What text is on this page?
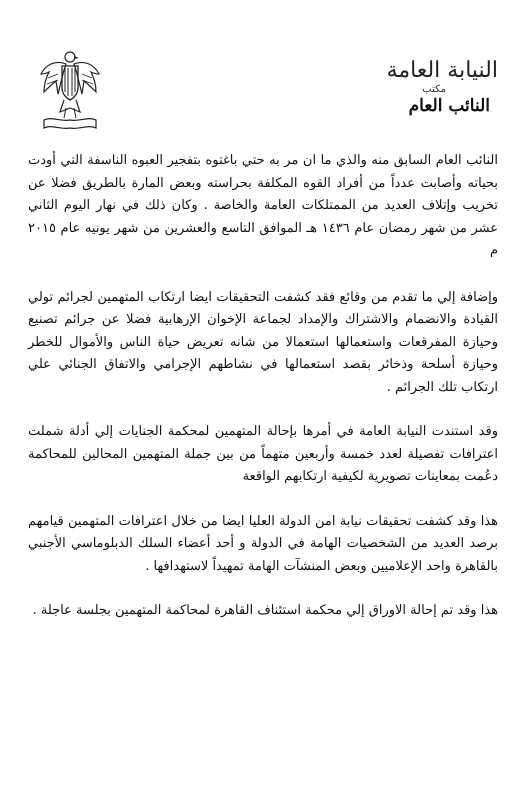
النيابة العامة
مكتب
النائب العام

النائب العام السابق منه والذي ما ان مر به حتي باغتوه بتفجير العبوه الناسفة التي أودت بحياته وأصابت عدداً من أفراد القوه المكلفة بحراسته وبعض المارة بالطريق فضلا عن تخريب وإتلاف العديد من الممتلكات العامة والخاصة . وكان ذلك في نهار اليوم الثاني عشر من شهر رمضان عام ١٤٣٦ هـ الموافق التاسع والعشرين من شهر يونيه عام ٢٠١٥ م

وإضافة إلي ما تقدم من وقائع فقد كشفت التحقيقات ايضا ارتكاب المتهمين لجرائم تولي القيادة والانضمام والاشتراك والإمداد لجماعة الإخوان الإرهابية فضلا عن جرائم تصنيع وحيازة المفرقعات واستعمالها استعمالا من شانه تعريض حياة الناس والأموال للخطر وحيازة أسلحة وذخائر بقصد استعمالها في نشاطهم الإجرامي والاتفاق الجنائي علي ارتكاب تلك الجرائم .

وقد استندت النيابة العامة في أمرها بإحالة المتهمين لمحكمة الجنايات إلي أدلة شملت اعترافات تفصيلة لعدد خمسة وأربعين متهماً من بين جملة المتهمين المحالين للمحاكمة دعُمت بمعاينات تصويرية لكيفية ارتكابهم الواقعة

هذا وقد كشفت تحقيقات نيابة امن الدولة العليا ايضا من خلال اعترافات المتهمين قيامهم برصد العديد من الشخصيات الهامة في الدولة و أحد أعضاء السلك الدبلوماسي الأجنبي بالقاهرة واحد الإعلاميين وبعض المنشآت الهامة تمهيداً لاستهدافها .

هذا وقد تم إحالة الاوراق إلي محكمة استئناف القاهرة لمحاكمة المتهمين بجلسة عاجلة .
